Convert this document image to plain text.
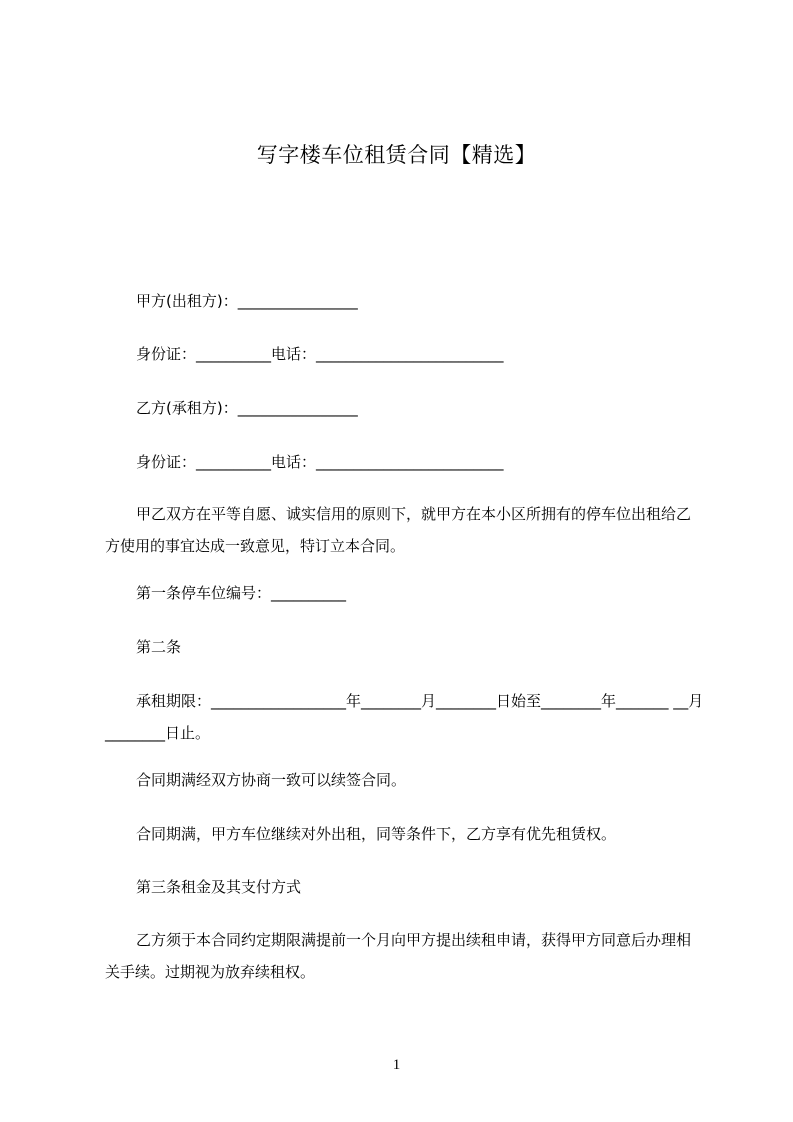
写字楼车位租赁合同【精选】
甲方(出租方)：________________
身份证：__________电话：_________________________
乙方(承租方)：________________
身份证：__________电话：_________________________
甲乙双方在平等自愿、诚实信用的原则下，就甲方在本小区所拥有的停车位出租给乙方使用的事宜达成一致意见，特订立本合同。
第一条停车位编号：__________
第二条
承租期限：__________________年________月________日始至________年_______ __月________日止。
合同期满经双方协商一致可以续签合同。
合同期满，甲方车位继续对外出租，同等条件下，乙方享有优先租赁权。
第三条租金及其支付方式
乙方须于本合同约定期限满提前一个月向甲方提出续租申请，获得甲方同意后办理相关手续。过期视为放弃续租权。
1
